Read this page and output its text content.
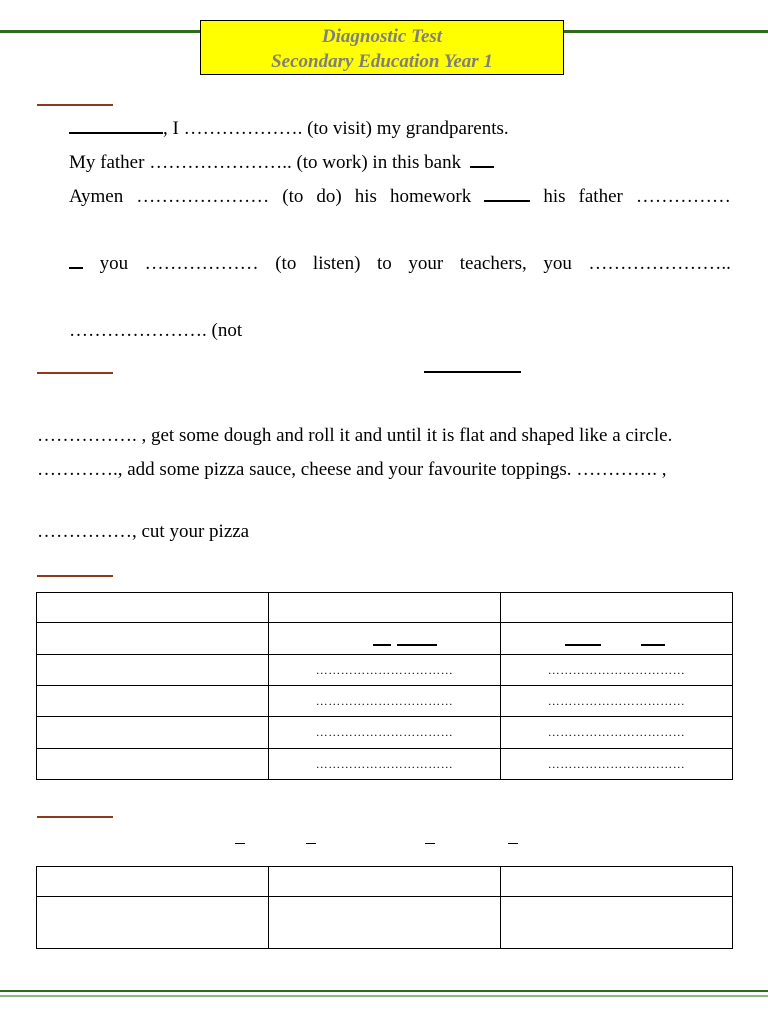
Diagnostic Test
Secondary Education Year 1
, I ………………. (to visit) my grandparents.
My father ………………….. (to work) in this bank
Aymen ………………… (to do) his homework	his father ……………
you ……………… (to listen) to your teachers, you …………………..
…………………. (not
……………. , get some dough and roll it and until it is flat and shaped like a circle.
…………., add some pizza sauce, cheese and your favourite toppings. …………. ,
……………, cut your pizza

	……………………………	……………………………
	……………………………	……………………………
	……………………………	……………………………
	……………………………	……………………………
